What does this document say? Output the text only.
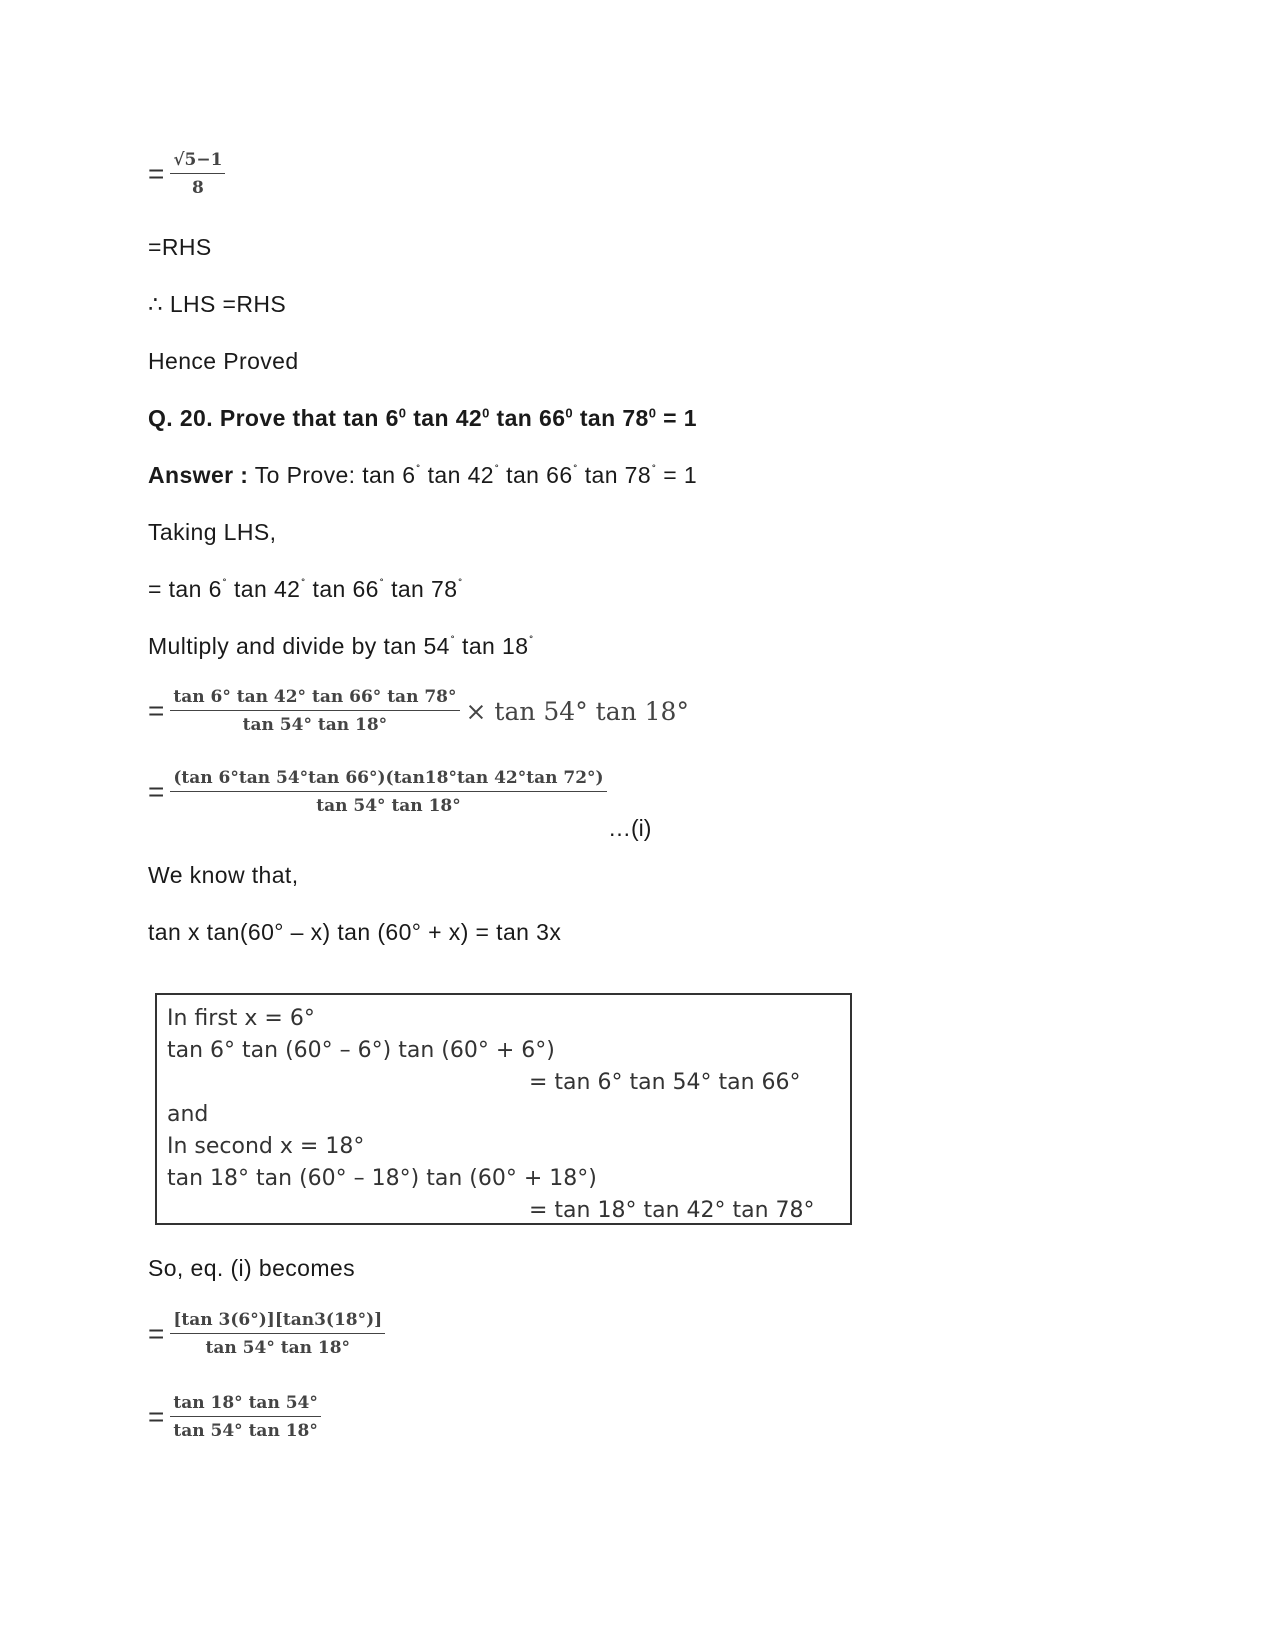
= $\frac{√5-1}{8}$
=RHS
∴ LHS =RHS
Hence Proved
Q. 20. Prove that $\tan 6^0$ $\tan 42^0$ $\tan 66^0$ $\tan 78^0 = 1$
Answer : To Prove: tan 6˚ tan 42˚ tan 66˚ tan 78˚ = 1
Taking LHS,
= tan 6˚ tan 42˚ tan 66˚ tan 78˚
Multiply and divide by tan 54˚ tan 18˚
= $\frac{\tan 6^\circ \tan 42^\circ \tan 66^\circ \tan 78^\circ}{\tan 54^\circ \tan 18^\circ} \times \tan 54^\circ$ tan 18°
= $\frac{(\tan 6^\circ\tan 54^\circ\tan 66^\circ)(\tan 18^\circ\tan 42^\circ\tan 72^\circ)}{\tan 54^\circ \tan 18^\circ}$
…(i)
We know that,
tan x tan(60° – x) tan (60° + x) = tan 3x
In first x = 6°
tan 6° tan (60° – 6°) tan (60° + 6°)
= tan 6° tan 54° tan 66°
and
In second x = 18°
tan 18° tan (60° – 18°) tan (60° + 18°)
= tan 18° tan 42° tan 78°
So, eq. (i) becomes
= $\frac{[\tan 3(6^\circ)][\tan 3(18^\circ)]}{\tan 54^\circ \tan 18^\circ}$
= $\frac{\tan 18^\circ \tan 54^\circ}{\tan 54^\circ \tan 18^\circ}$
